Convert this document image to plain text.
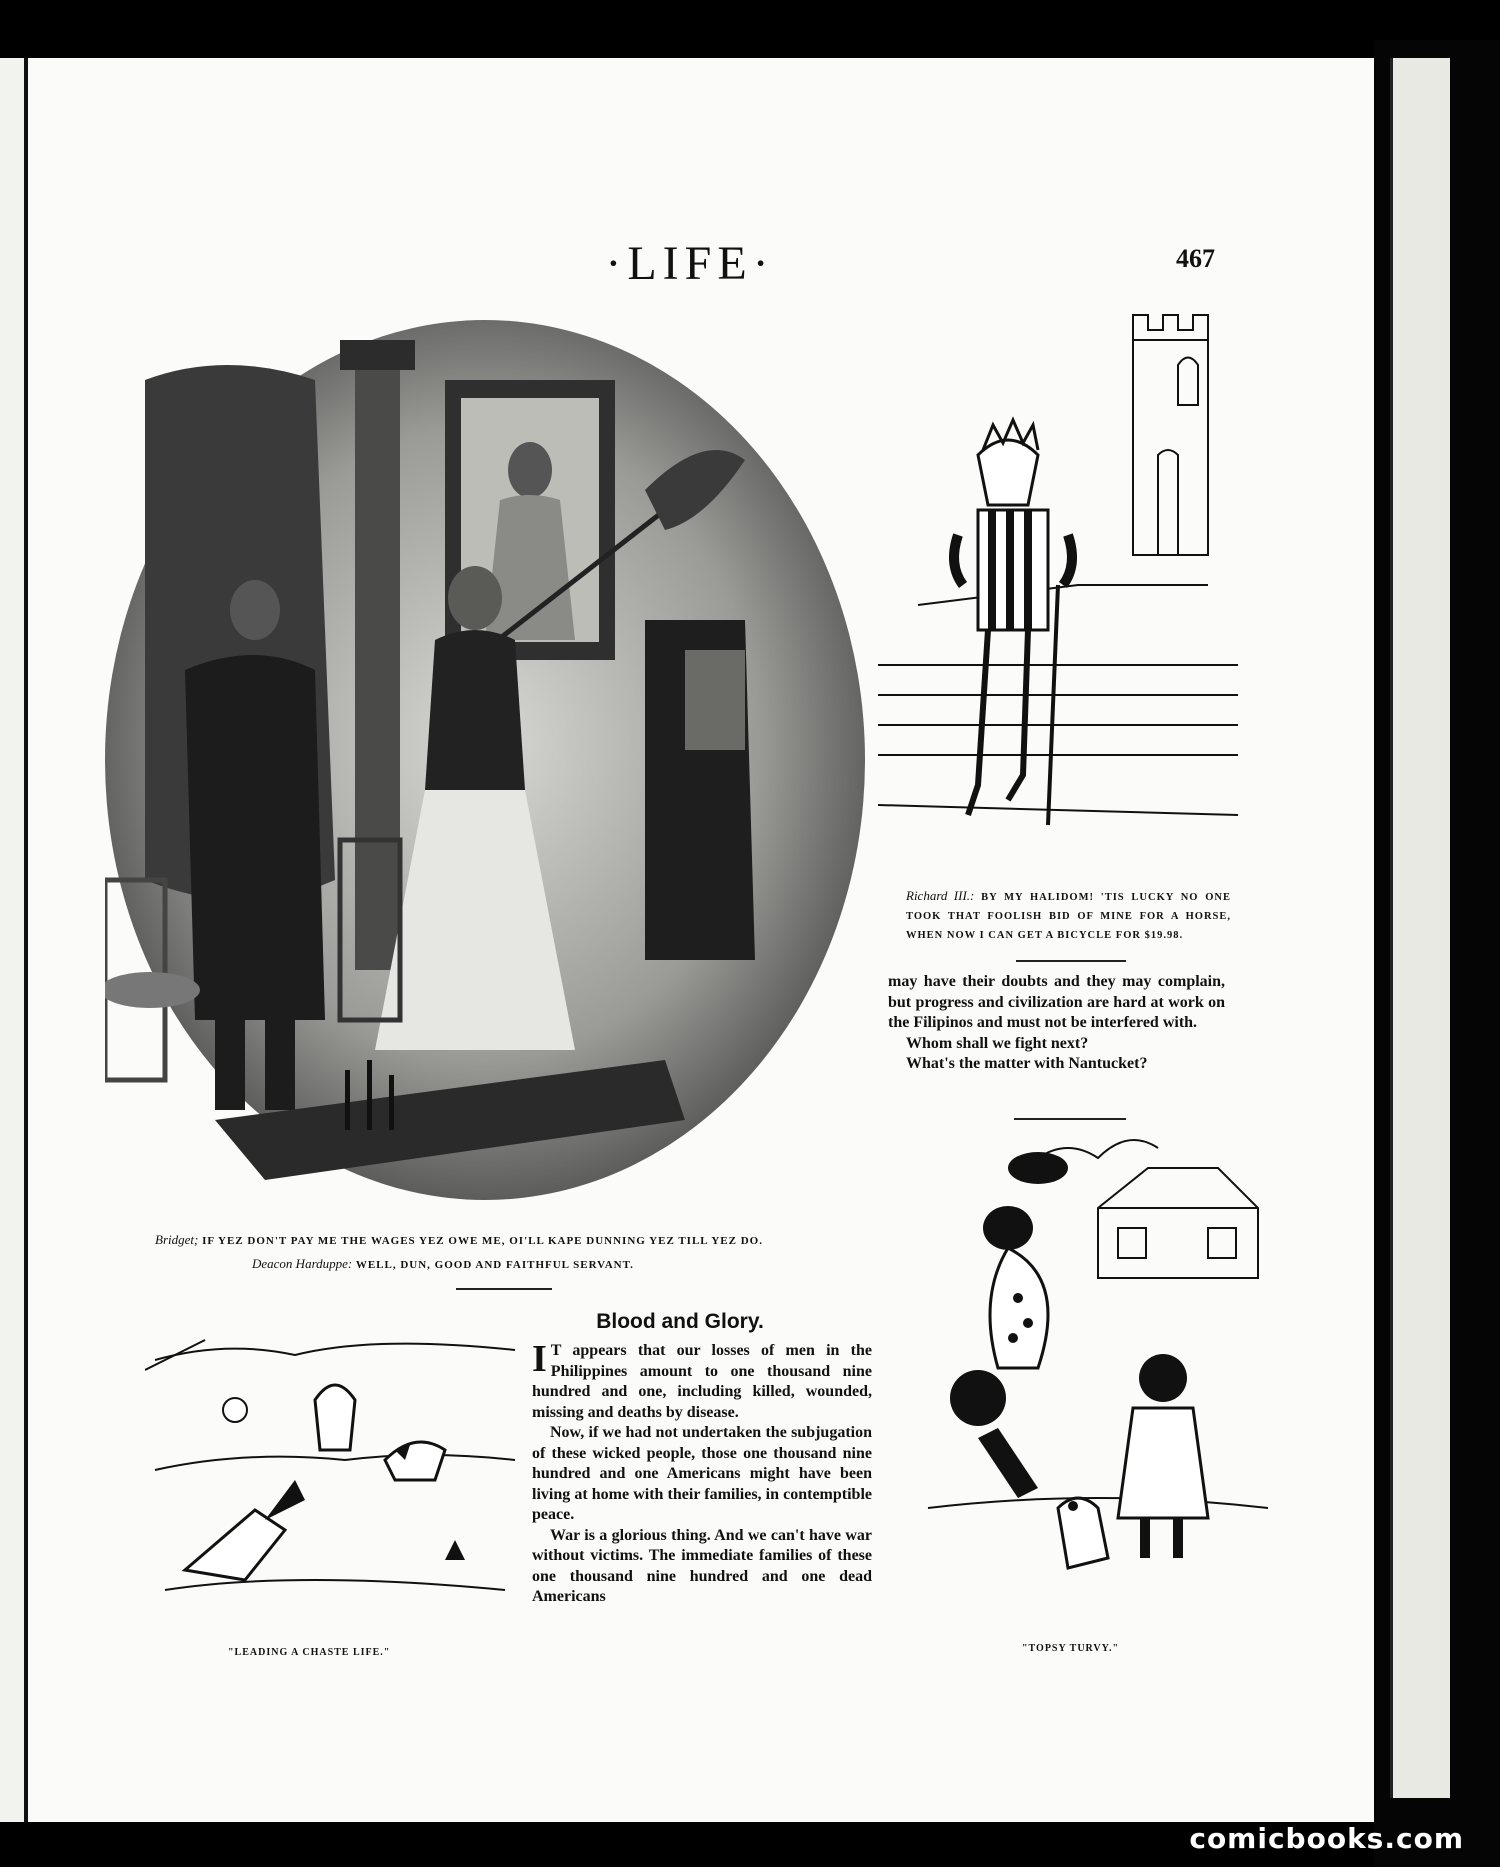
·LIFE·	467
Bridget; IF YEZ DON'T PAY ME THE WAGES YEZ OWE ME, OI'LL KAPE DUNNING YEZ TILL YEZ DO.
Deacon Harduppe: WELL, DUN, GOOD AND FAITHFUL SERVANT.
Richard III.: BY MY HALIDOM! 'TIS LUCKY NO ONE TOOK THAT FOOLISH BID OF MINE FOR A HORSE, WHEN NOW I CAN GET A BICYCLE FOR $19.98.

may have their doubts and they may complain, but progress and civilization are hard at work on the Filipinos and must not be interfered with.

Whom shall we fight next?

What's the matter with Nantucket?

"LEADING A CHASTE LIFE."
Blood and Glory.

I T appears that our losses of men in the Philippines amount to one thousand nine hundred and one, including killed, wounded, missing and deaths by disease.

Now, if we had not undertaken the subjugation of these wicked people, those one thousand nine hundred and one Americans might have been living at home with their families, in contemptible peace.

War is a glorious thing. And we can't have war without victims. The immediate families of these one thousand nine hundred and one dead Americans

"TOPSY TURVY."
comicbooks.com
